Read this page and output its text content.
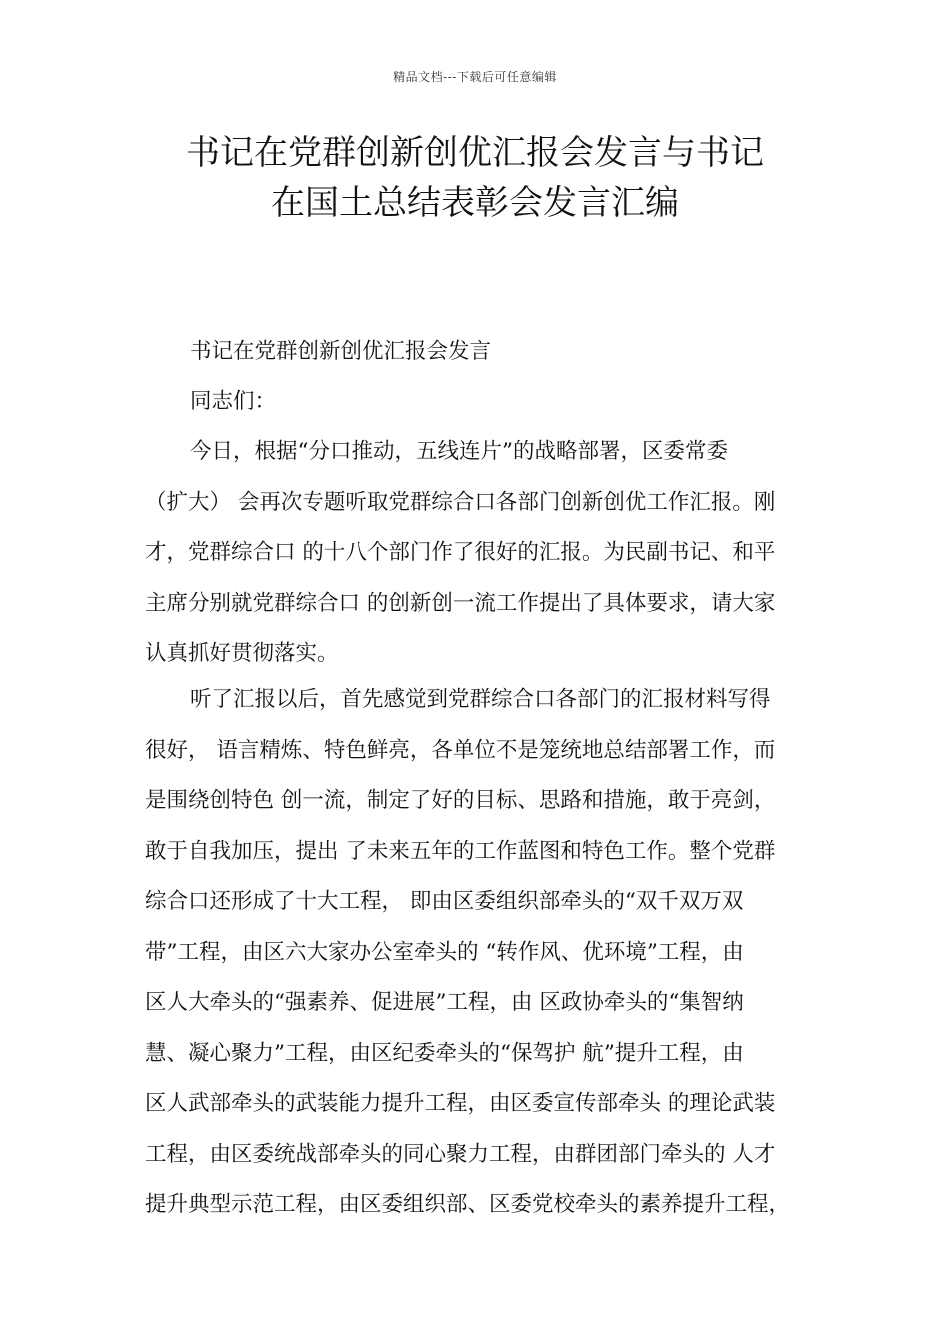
精品文档---下载后可任意编辑
书记在党群创新创优汇报会发言与书记
在国土总结表彰会发言汇编
书记在党群创新创优汇报会发言
同志们：
今日，根据“分口推动，五线连片”的战略部署，区委常委
（扩大） 会再次专题听取党群综合口各部门创新创优工作汇报。刚
才，党群综合口 的十八个部门作了很好的汇报。为民副书记、和平
主席分别就党群综合口 的创新创一流工作提出了具体要求，请大家
认真抓好贯彻落实。
听了汇报以后，首先感觉到党群综合口各部门的汇报材料写得
很好， 语言精炼、特色鲜亮，各单位不是笼统地总结部署工作，而
是围绕创特色 创一流，制定了好的目标、思路和措施，敢于亮剑，
敢于自我加压，提出 了未来五年的工作蓝图和特色工作。整个党群
综合口还形成了十大工程， 即由区委组织部牵头的“双千双万双
带”工程，由区六大家办公室牵头的 “转作风、优环境”工程，由
区人大牵头的“强素养、促进展”工程，由 区政协牵头的“集智纳
慧、凝心聚力”工程，由区纪委牵头的“保驾护 航”提升工程，由
区人武部牵头的武装能力提升工程，由区委宣传部牵头 的理论武装
工程，由区委统战部牵头的同心聚力工程，由群团部门牵头的 人才
提升典型示范工程，由区委组织部、区委党校牵头的素养提升工程，
